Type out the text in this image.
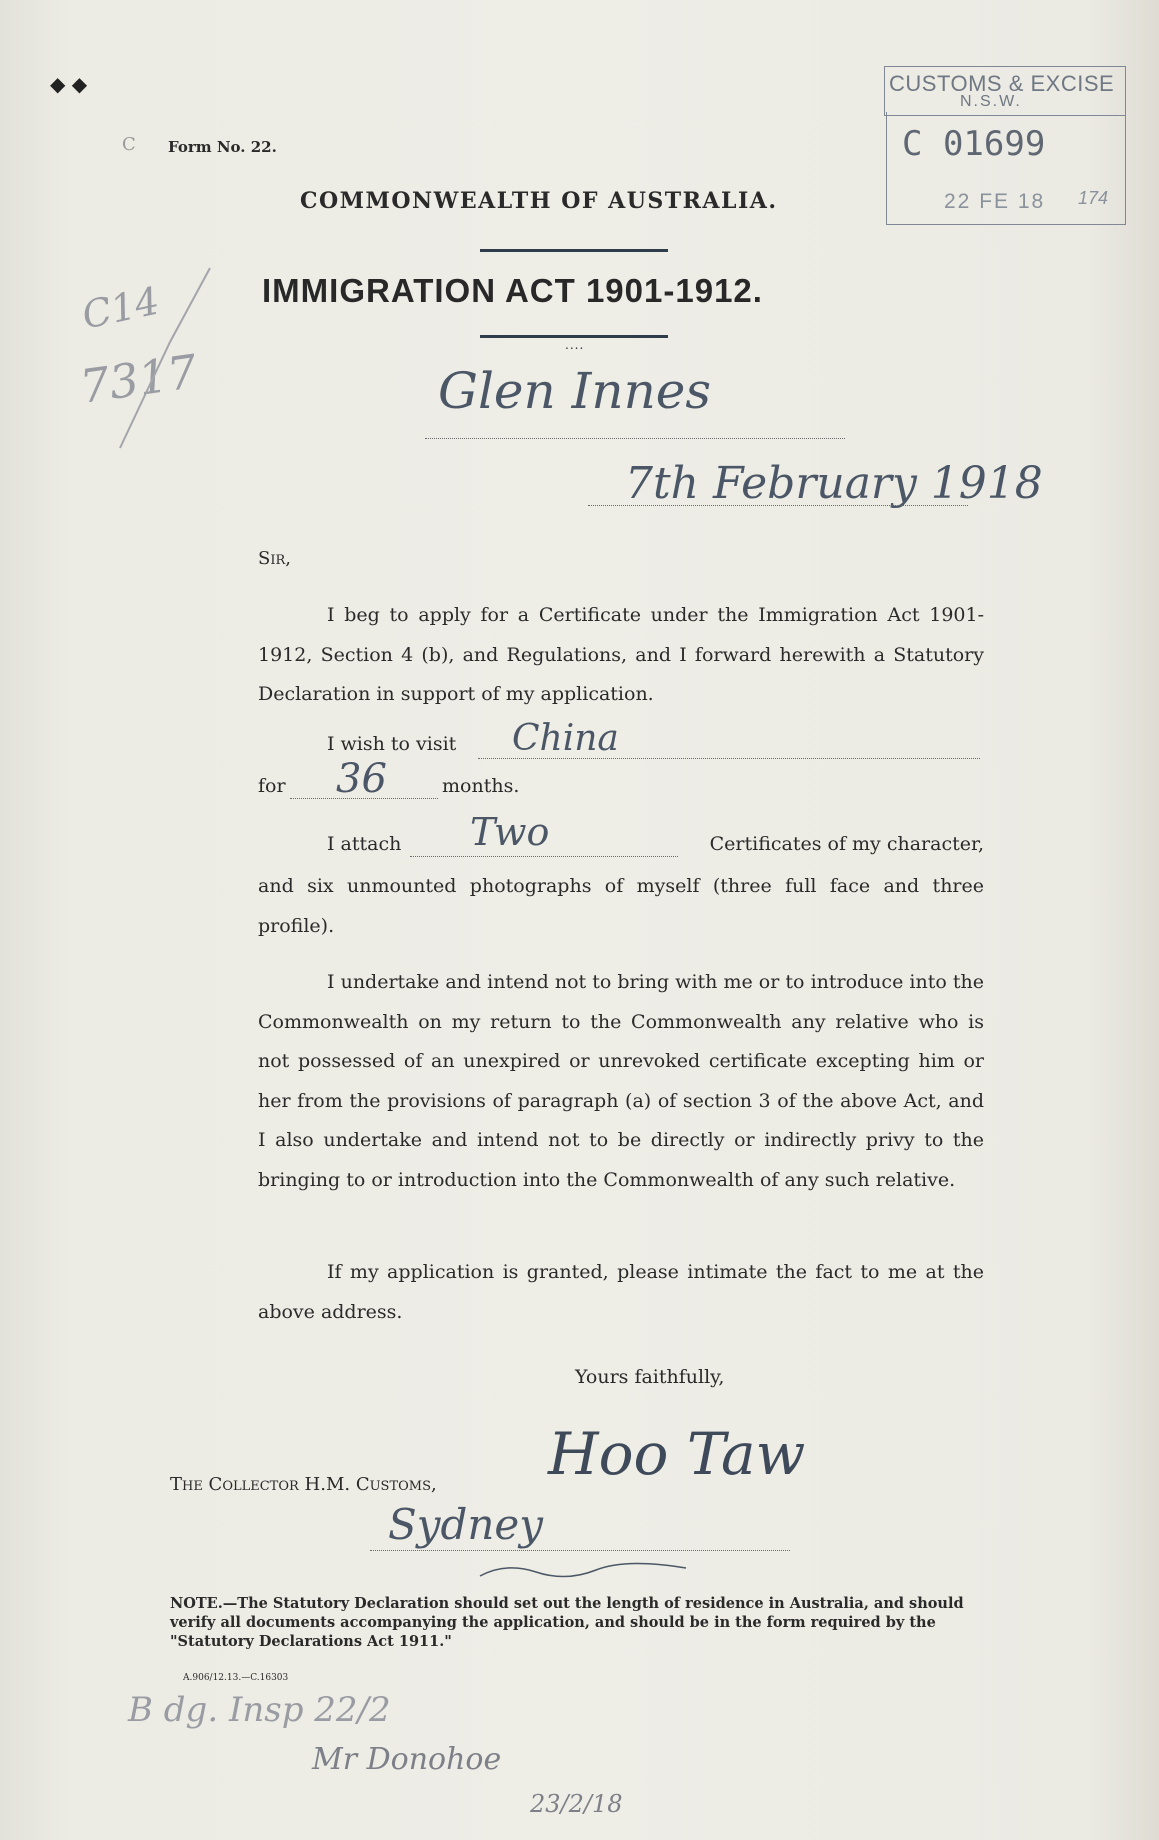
C Form No. 22.
COMMONWEALTH OF AUSTRALIA.
IMMIGRATION ACT 1901-1912.
....
CUSTOMS & EXCISE
N.S.W.
C 01699
22 FE 18 174
C14
7317
◆ ◆
Glen Innes
7th February 1918
Sir,
I beg to apply for a Certificate under the Immigration Act 1901-1912, Section 4 (b), and Regulations, and I forward herewith a Statutory Declaration in support of my application.
I wish to visit China
for 36	months.
I attach Two	Certificates of my character,
and six unmounted photographs of myself (three full face and three profile).
I undertake and intend not to bring with me or to introduce into the Commonwealth on my return to the Commonwealth any relative who is not possessed of an unexpired or unrevoked certificate excepting him or her from the provisions of paragraph (a) of section 3 of the above Act, and I also undertake and intend not to be directly or indirectly privy to the bringing to or introduction into the Commonwealth of any such relative.
If my application is granted, please intimate the fact to me at the above address.
Yours faithfully,
Hoo Taw
The Collector H.M. Customs,
Sydney
NOTE.—The Statutory Declaration should set out the length of residence in Australia, and should verify all documents accompanying the application, and should be in the form required by the "Statutory Declarations Act 1911."
A.906/12.13.—C.16303
B dg. Insp 22/2
Mr Donohoe
23/2/18
